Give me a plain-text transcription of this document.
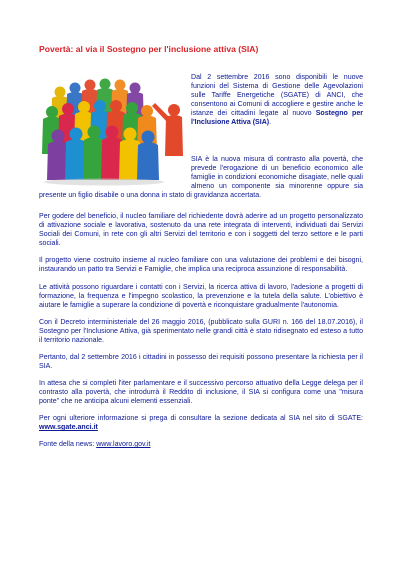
Povertà: al via il Sostegno per l'inclusione attiva (SIA)

Dal 2 settembre 2016 sono disponibili le nuove funzioni del Sistema di Gestione delle Agevolazioni sulle Tariffe Energetiche (SGATE) di ANCI, che consentono ai Comuni di accogliere e gestire anche le istanze dei cittadini legate al nuovo Sostegno per l'Inclusione Attiva (SIA).

SIA è la nuova misura di contrasto alla povertà, che prevede l'erogazione di un beneficio economico alle famiglie in condizioni economiche disagiate, nelle quali almeno un componente sia minorenne oppure sia presente un figlio disabile o una donna in stato di gravidanza accertata.

Per godere del beneficio, il nucleo familiare del richiedente dovrà aderire ad un progetto personalizzato di attivazione sociale e lavorativa, sostenuto da una rete integrata di interventi, individuati dai Servizi Sociali dei Comuni, in rete con gli altri Servizi del territorio e con i soggetti del terzo settore e le parti sociali.

Il progetto viene costruito insieme al nucleo familiare con una valutazione dei problemi e dei bisogni, instaurando un patto tra Servizi e Famiglie, che implica una reciproca assunzione di responsabilità.

Le attività possono riguardare i contatti con i Servizi, la ricerca attiva di lavoro, l'adesione a progetti di formazione, la frequenza e l'impegno scolastico, la prevenzione e la tutela della salute. L'obiettivo è aiutare le famiglie a superare la condizione di povertà e riconquistare gradualmente l'autonomia.

Con il Decreto interministeriale del 26 maggio 2016, (pubblicato sulla GURI n. 166 del 18.07.2016), il Sostegno per l'Inclusione Attiva, già sperimentato nelle grandi città è stato ridisegnato ed esteso a tutto il territorio nazionale.

Pertanto, dal 2 settembre 2016 i cittadini in possesso dei requisiti possono presentare la richiesta per il SIA.

In attesa che si completi l'iter parlamentare e il successivo percorso attuativo della Legge delega per il contrasto alla povertà, che introdurrà il Reddito di inclusione, il SIA si configura come una "misura ponte" che ne anticipa alcuni elementi essenziali.

Per ogni ulteriore informazione si prega di consultare la sezione dedicata al SIA nel sito di SGATE: www.sgate.anci.it

Fonte della news: www.lavoro.gov.it
